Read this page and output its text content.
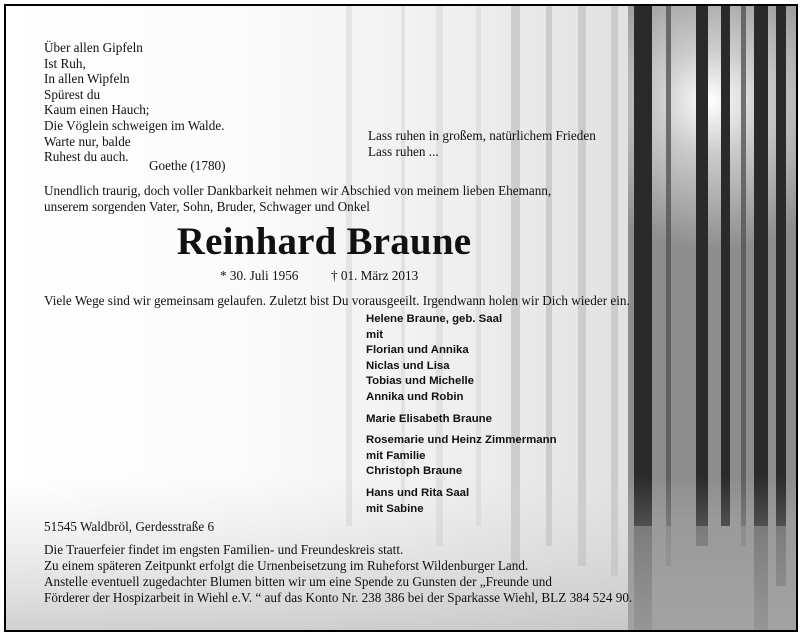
Über allen Gipfeln
Ist Ruh,
In allen Wipfeln
Spürest du
Kaum einen Hauch;
Die Vöglein schweigen im Walde.
Warte nur, balde
Ruhest du auch.
Goethe (1780)
Lass ruhen in großem, natürlichem Frieden
Lass ruhen ...
Unendlich traurig, doch voller Dankbarkeit nehmen wir Abschied von meinem lieben Ehemann,
unserem sorgenden Vater, Sohn, Bruder, Schwager und Onkel
Reinhard Braune
* 30. Juli 1956 † 01. März 2013
Viele Wege sind wir gemeinsam gelaufen. Zuletzt bist Du vorausgeeilt. Irgendwann holen wir Dich wieder ein.
Helene Braune, geb. Saal
mit
Florian und Annika
Niclas und Lisa
Tobias und Michelle
Annika und Robin
Marie Elisabeth Braune
Rosemarie und Heinz Zimmermann
mit Familie
Christoph Braune
Hans und Rita Saal
mit Sabine
51545 Waldbröl, Gerdesstraße 6
Die Trauerfeier findet im engsten Familien- und Freundeskreis statt.
Zu einem späteren Zeitpunkt erfolgt die Urnenbeisetzung im Ruheforst Wildenburger Land.
Anstelle eventuell zugedachter Blumen bitten wir um eine Spende zu Gunsten der „Freunde und
Förderer der Hospizarbeit in Wiehl e.V. “ auf das Konto Nr. 238 386 bei der Sparkasse Wiehl, BLZ 384 524 90.
